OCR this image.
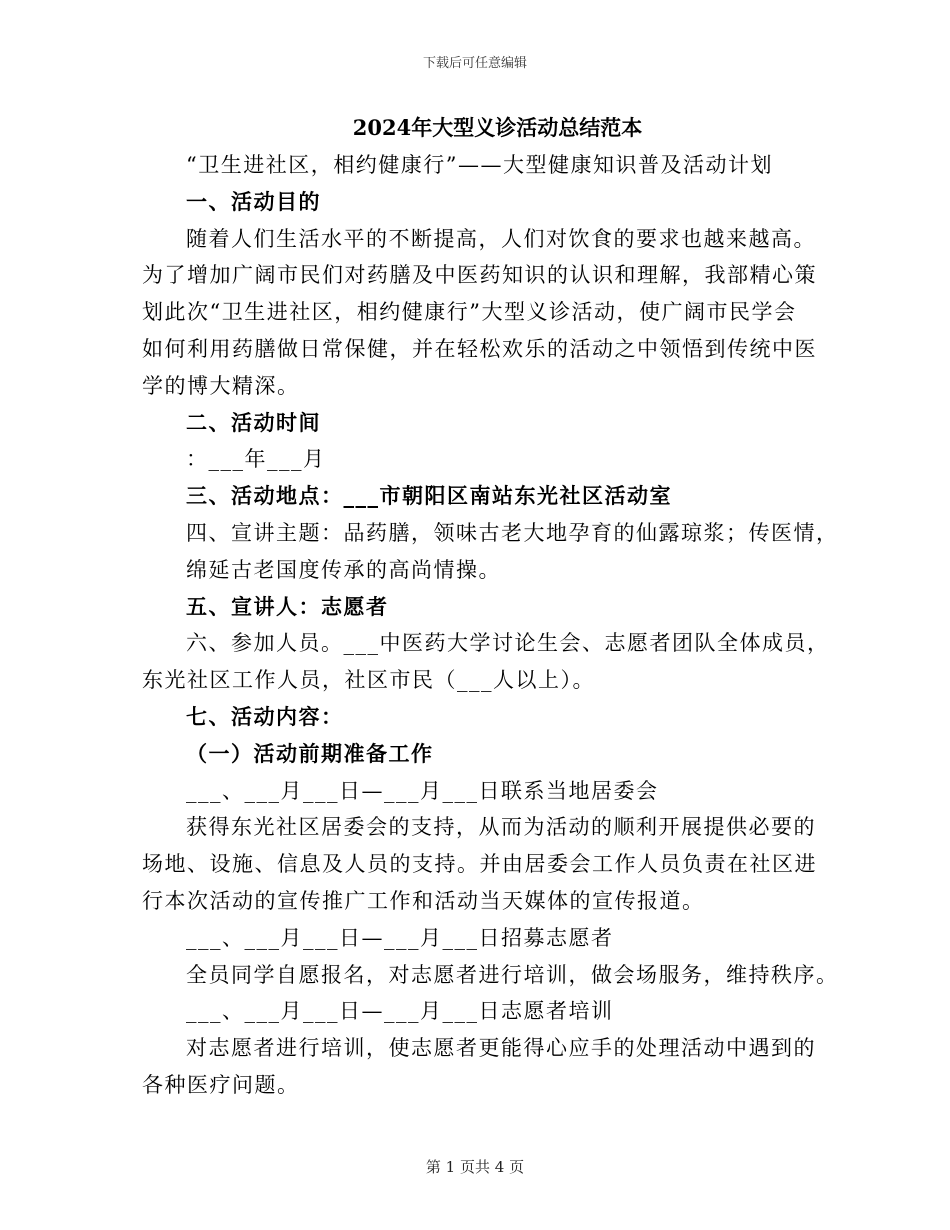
下载后可任意编辑
2024年大型义诊活动总结范本
“卫生进社区，相约健康行”——大型健康知识普及活动计划
一、活动目的
随着人们生活水平的不断提高，人们对饮食的要求也越来越高。
为了增加广阔市民们对药膳及中医药知识的认识和理解，我部精心策
划此次“卫生进社区，相约健康行”大型义诊活动，使广阔市民学会
如何利用药膳做日常保健，并在轻松欢乐的活动之中领悟到传统中医
学的博大精深。
二、活动时间
：___年___月
三、活动地点：___市朝阳区南站东光社区活动室
四、宣讲主题：品药膳，领味古老大地孕育的仙露琼浆；传医情，
绵延古老国度传承的高尚情操。
五、宣讲人：志愿者
六、参加人员。___中医药大学讨论生会、志愿者团队全体成员，
东光社区工作人员，社区市民（___人以上）。
七、活动内容：
（一）活动前期准备工作
___、___月___日—___月___日联系当地居委会
获得东光社区居委会的支持，从而为活动的顺利开展提供必要的
场地、设施、信息及人员的支持。并由居委会工作人员负责在社区进
行本次活动的宣传推广工作和活动当天媒体的宣传报道。
___、___月___日—___月___日招募志愿者
全员同学自愿报名，对志愿者进行培训，做会场服务，维持秩序。
___、___月___日—___月___日志愿者培训
对志愿者进行培训，使志愿者更能得心应手的处理活动中遇到的
各种医疗问题。
第 1 页共 4 页
